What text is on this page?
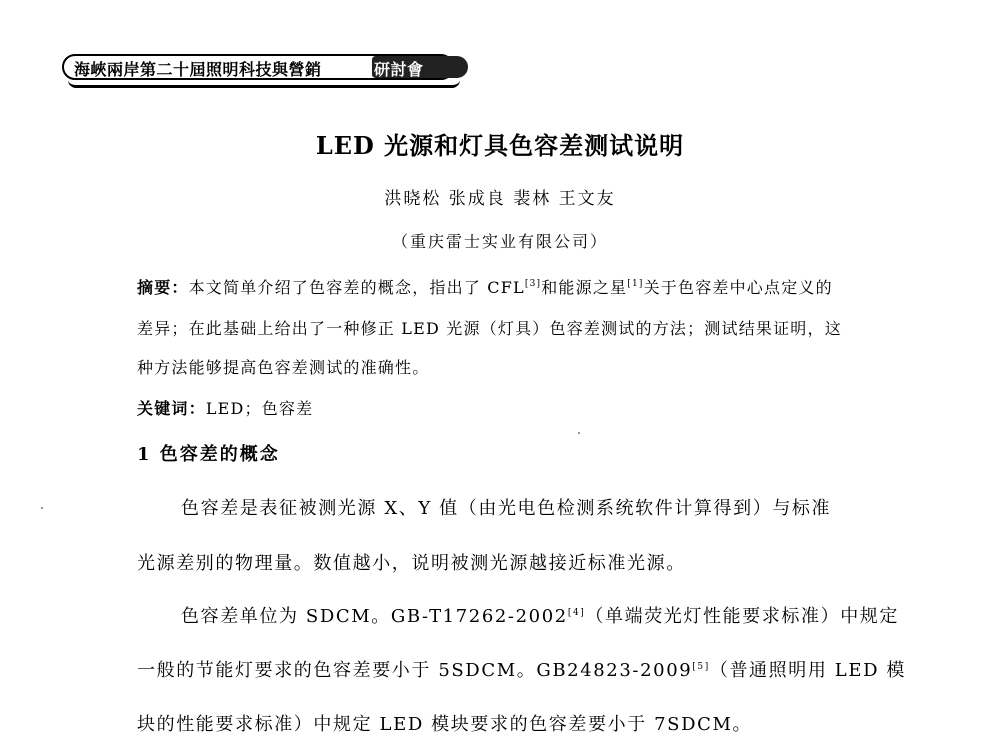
海峽兩岸第二十屆照明科技與營銷	研討會
LED 光源和灯具色容差测试说明
洪晓松 张成良 裴林 王文友
（重庆雷士实业有限公司）
摘要：本文简单介绍了色容差的概念，指出了 CFL[3]和能源之星[1]关于色容差中心点定义的
差异；在此基础上给出了一种修正 LED 光源（灯具）色容差测试的方法；测试结果证明，这
种方法能够提高色容差测试的准确性。
关键词：LED；色容差
1 色容差的概念
色容差是表征被测光源 X、Y 值（由光电色检测系统软件计算得到）与标准
光源差别的物理量。数值越小，说明被测光源越接近标准光源。
色容差单位为 SDCM。GB-T17262-2002[4]（单端荧光灯性能要求标准）中规定
一般的节能灯要求的色容差要小于 5SDCM。GB24823-2009[5]（普通照明用 LED 模
块的性能要求标准）中规定 LED 模块要求的色容差要小于 7SDCM。
